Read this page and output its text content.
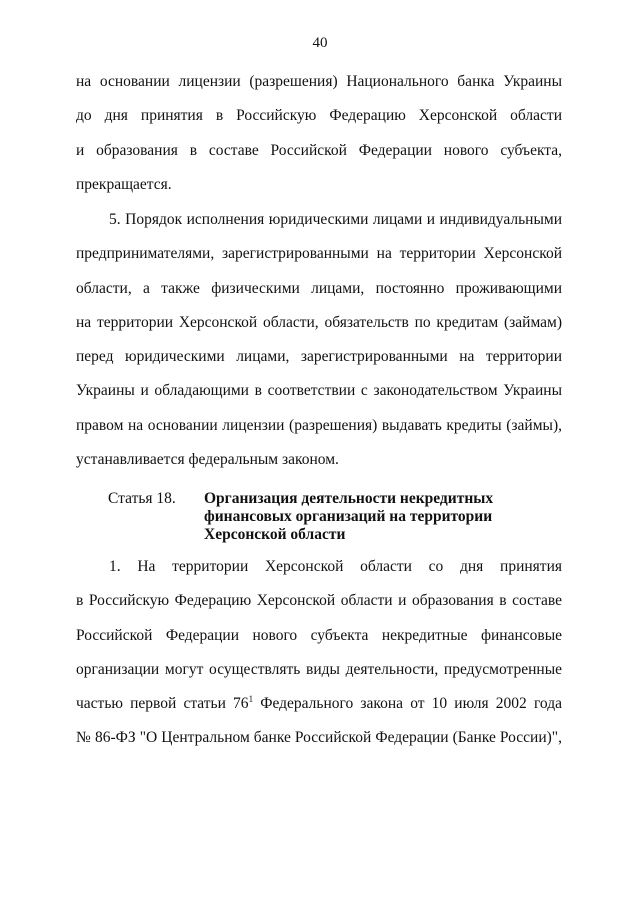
40
на основании лицензии (разрешения) Национального банка Украины
до дня принятия в Российскую Федерацию Херсонской области
и образования в составе Российской Федерации нового субъекта,
прекращается.
5. Порядок исполнения юридическими лицами и индивидуальными
предпринимателями, зарегистрированными на территории Херсонской
области, а также физическими лицами, постоянно проживающими
на территории Херсонской области, обязательств по кредитам (займам)
перед юридическими лицами, зарегистрированными на территории
Украины и обладающими в соответствии с законодательством Украины
правом на основании лицензии (разрешения) выдавать кредиты (займы),
устанавливается федеральным законом.
Статья 18. Организация деятельности некредитных
финансовых организаций на территории
Херсонской области
1. На территории Херсонской области со дня принятия
в Российскую Федерацию Херсонской области и образования в составе
Российской Федерации нового субъекта некредитные финансовые
организации могут осуществлять виды деятельности, предусмотренные
частью первой статьи $76^1$ Федерального закона от 10 июля 2002 года
№ 86-ФЗ "О Центральном банке Российской Федерации (Банке России)",
